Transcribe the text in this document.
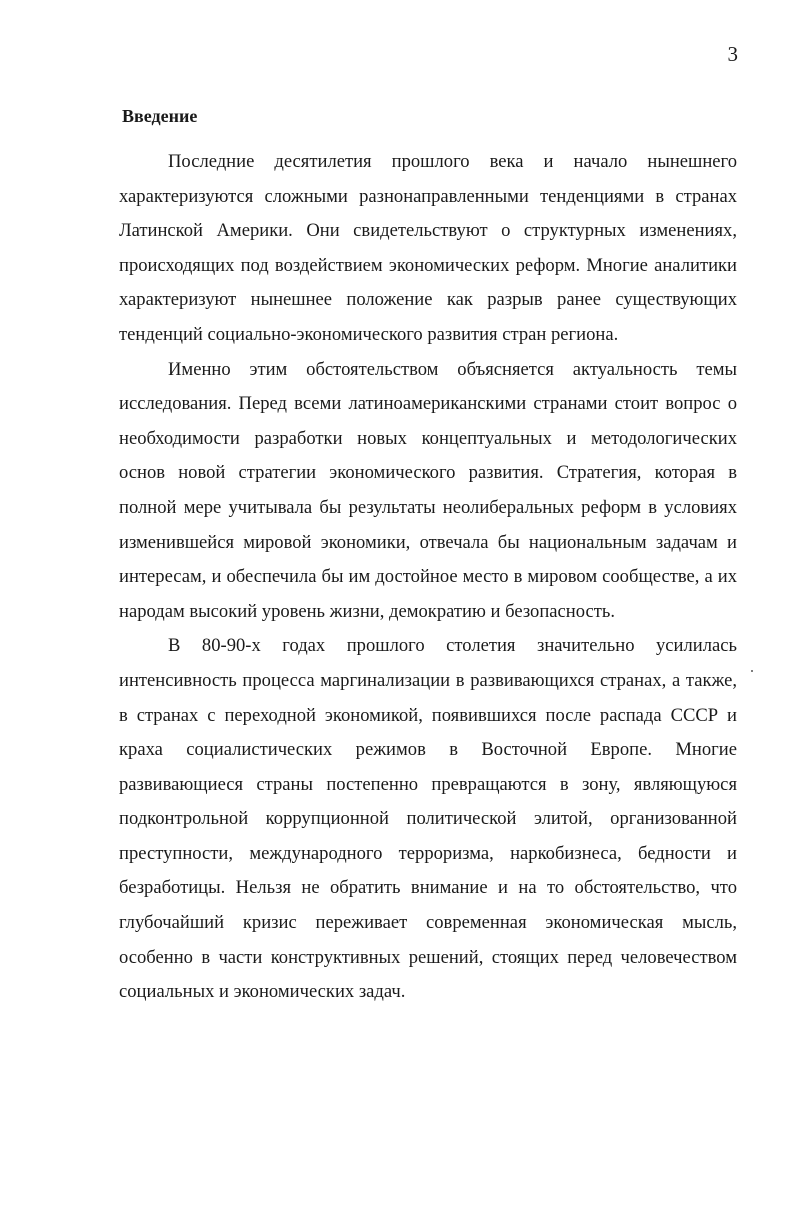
3
Введение

Последние десятилетия прошлого века и начало нынешнего характеризуются сложными разнонаправленными тенденциями в странах Латинской Америки. Они свидетельствуют о структурных изменениях, происходящих под воздействием экономических реформ. Многие аналитики характеризуют нынешнее положение как разрыв ранее существующих тенденций социально-экономического развития стран региона.

Именно этим обстоятельством объясняется актуальность темы исследования. Перед всеми латиноамериканскими странами стоит вопрос о необходимости разработки новых концептуальных и методологических основ новой стратегии экономического развития. Стратегия, которая в полной мере учитывала бы результаты неолиберальных реформ в условиях изменившейся мировой экономики, отвечала бы национальным задачам и интересам, и обеспечила бы им достойное место в мировом сообществе, а их народам высокий уровень жизни, демократию и безопасность.

В 80-90-х годах прошлого столетия значительно усилилась интенсивность процесса маргинализации в развивающихся странах, а также, в странах с переходной экономикой, появившихся после распада СССР и краха социалистических режимов в Восточной Европе. Многие развивающиеся страны постепенно превращаются в зону, являющуюся подконтрольной коррупционной политической элитой, организованной преступности, международного терроризма, наркобизнеса, бедности и безработицы. Нельзя не обратить внимание и на то обстоятельство, что глубочайший кризис переживает современная экономическая мысль, особенно в части конструктивных решений, стоящих перед человечеством социальных и экономических задач.
